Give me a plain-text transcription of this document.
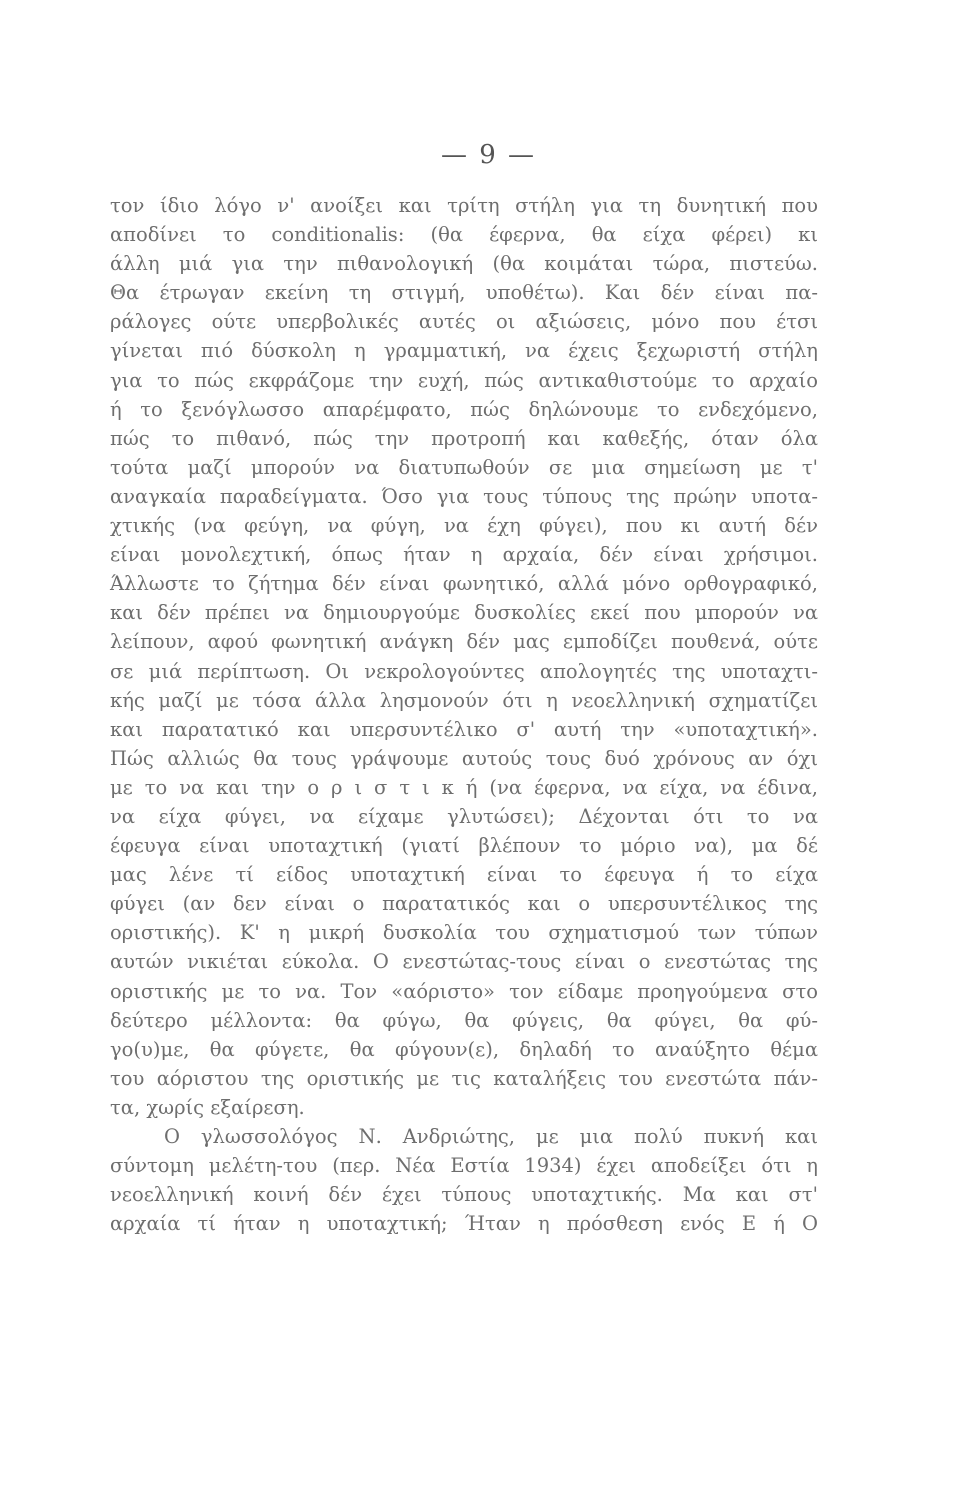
— 9 —
τον ίδιο λόγο ν' ανοίξει και τρίτη στήλη για τη δυνητική που
αποδίνει το conditionalis: (θα έφερνα, θα είχα φέρει) κι
άλλη μιά για την πιθανολογική (θα κοιμάται τώρα, πιστεύω.
Θα έτρωγαν εκείνη τη στιγμή, υποθέτω). Και δέν είναι πα-
ράλογες ούτε υπερβολικές αυτές οι αξιώσεις, μόνο που έτσι
γίνεται πιό δύσκολη η γραμματική, να έχεις ξεχωριστή στήλη
για το πώς εκφράζομε την ευχή, πώς αντικαθιστούμε το αρχαίο
ή το ξενόγλωσσο απαρέμφατο, πώς δηλώνουμε το ενδεχόμενο,
πώς το πιθανό, πώς την προτροπή και καθεξής, όταν όλα
τούτα μαζί μπορούν να διατυπωθούν σε μια σημείωση με τ'
αναγκαία παραδείγματα. Όσο για τους τύπους της πρώην υποτα-
χτικής (να φεύγη, να φύγη, να έχη φύγει), που κι αυτή δέν
είναι μονολεχτική, όπως ήταν η αρχαία, δέν είναι χρήσιμοι.
Άλλωστε το ζήτημα δέν είναι φωνητικό, αλλά μόνο ορθογραφικό,
και δέν πρέπει να δημιουργούμε δυσκολίες εκεί που μπορούν να
λείπουν, αφού φωνητική ανάγκη δέν μας εμποδίζει πουθενά, ούτε
σε μιά περίπτωση. Οι νεκρολογούντες απολογητές της υποταχτι-
κής μαζί με τόσα άλλα λησμονούν ότι η νεοελληνική σχηματίζει
και παρατατικό και υπερσυντέλικο σ' αυτή την «υποταχτική».
Πώς αλλιώς θα τους γράψουμε αυτούς τους δυό χρόνους αν όχι
με το να και την ο ρ ι σ τ ι κ ή (να έφερνα, να είχα, να έδινα,
να είχα φύγει, να είχαμε γλυτώσει); Δέχονται ότι το να
έφευγα είναι υποταχτική (γιατί βλέπουν το μόριο να), μα δέ
μας λένε τί είδος υποταχτική είναι το έφευγα ή το είχα
φύγει (αν δεν είναι ο παρατατικός και ο υπερσυντέλικος της
οριστικής). Κ' η μικρή δυσκολία του σχηματισμού των τύπων
αυτών νικιέται εύκολα. Ο ενεστώτας-τους είναι ο ενεστώτας της
οριστικής με το να. Τον «αόριστο» τον είδαμε προηγούμενα στο
δεύτερο μέλλοντα: θα φύγω, θα φύγεις, θα φύγει, θα φύ-
γο(υ)με, θα φύγετε, θα φύγουν(ε), δηλαδή το αναύξητο θέμα
του αόριστου της οριστικής με τις καταλήξεις του ενεστώτα πάν-
τα, χωρίς εξαίρεση.
Ο γλωσσολόγος Ν. Ανδριώτης, με μια πολύ πυκνή και
σύντομη μελέτη-του (περ. Νέα Εστία 1934) έχει αποδείξει ότι η
νεοελληνική κοινή δέν έχει τύπους υποταχτικής. Μα και στ'
αρχαία τί ήταν η υποταχτική; Ήταν η πρόσθεση ενός Ε ή Ο
